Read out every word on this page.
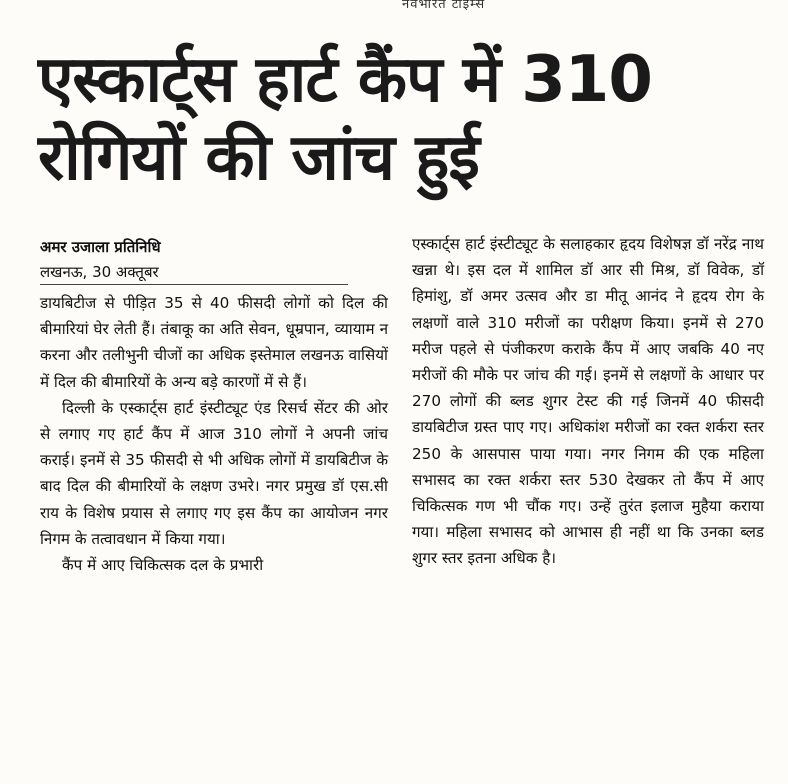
नवभारत टाइम्स
एस्कार्ट्स हार्ट कैंप में 310
रोगियों की जांच हुई
अमर उजाला प्रतिनिधि
लखनऊ, 30 अक्तूबर

डायबिटीज से पीड़ित 35 से 40 फीसदी लोगों को दिल की बीमारियां घेर लेती हैं। तंबाकू का अति सेवन, धूम्रपान, व्यायाम न करना और तलीभुनी चीजों का अधिक इस्तेमाल लखनऊ वासियों में दिल की बीमारियों के अन्य बड़े कारणों में से हैं।

दिल्ली के एस्कार्ट्स हार्ट इंस्टीट्यूट एंड रिसर्च सेंटर की ओर से लगाए गए हार्ट कैंप में आज 310 लोगों ने अपनी जांच कराई। इनमें से 35 फीसदी से भी अधिक लोगों में डायबिटीज के बाद दिल की बीमारियों के लक्षण उभरे। नगर प्रमुख डॉ एस.सी राय के विशेष प्रयास से लगाए गए इस कैंप का आयोजन नगर निगम के तत्वावधान में किया गया।

कैंप में आए चिकित्सक दल के प्रभारी

एस्कार्ट्स हार्ट इंस्टीट्यूट के सलाहकार हृदय विशेषज्ञ डॉ नरेंद्र नाथ खन्ना थे। इस दल में शामिल डॉ आर सी मिश्र, डॉ विवेक, डॉ हिमांशु, डॉ अमर उत्सव और डा मीतू आनंद ने हृदय रोग के लक्षणों वाले 310 मरीजों का परीक्षण किया। इनमें से 270 मरीज पहले से पंजीकरण कराके कैंप में आए जबकि 40 नए मरीजों की मौके पर जांच की गई। इनमें से लक्षणों के आधार पर 270 लोगों की ब्लड शुगर टेस्ट की गई जिनमें 40 फीसदी डायबिटीज ग्रस्त पाए गए। अधिकांश मरीजों का रक्त शर्करा स्तर 250 के आसपास पाया गया। नगर निगम की एक महिला सभासद का रक्त शर्करा स्तर 530 देखकर तो कैंप में आए चिकित्सक गण भी चौंक गए। उन्हें तुरंत इलाज मुहैया कराया गया। महिला सभासद को आभास ही नहीं था कि उनका ब्लड शुगर स्तर इतना अधिक है।
